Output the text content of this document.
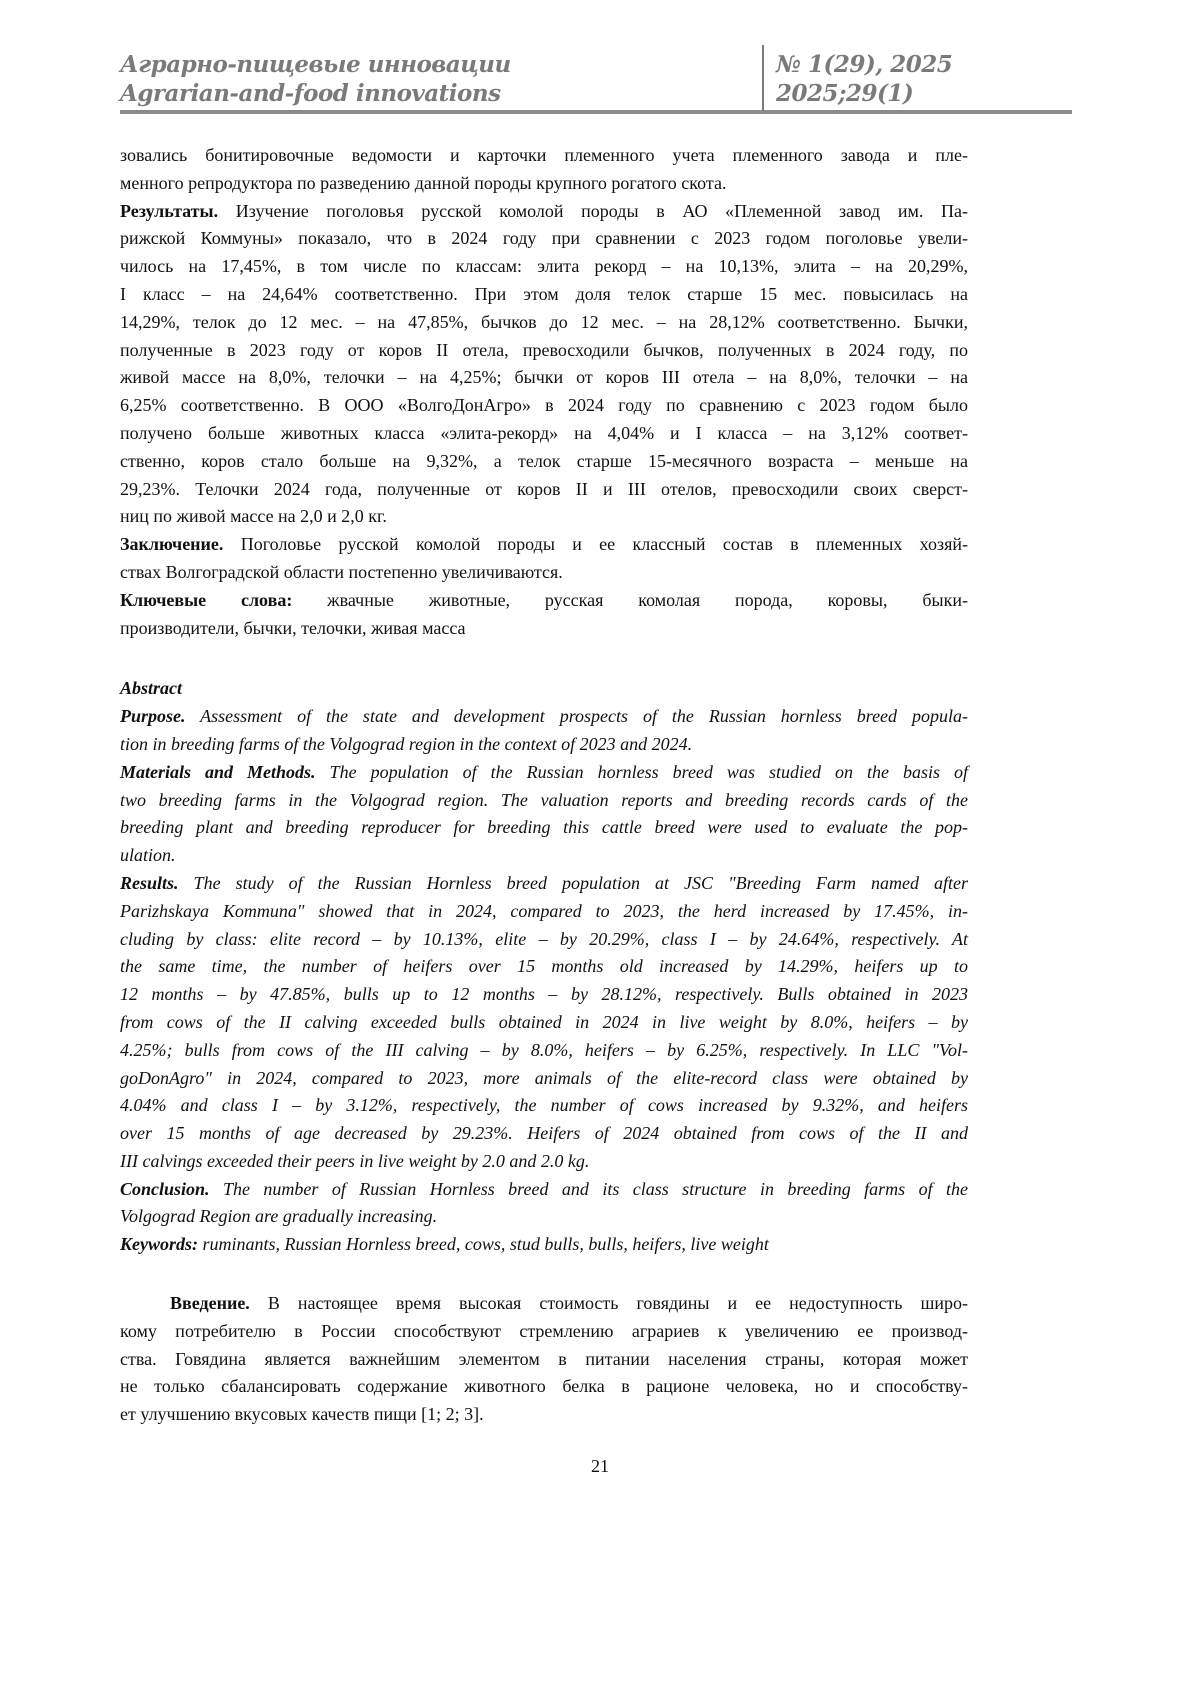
Аграрно-пищевые инновации
Agrarian-and-food innovations
№ 1(29), 2025
2025;29(1)
зовались бонитировочные ведомости и карточки племенного учета племенного завода и пле-
менного репродуктора по разведению данной породы крупного рогатого скота.
Результаты. Изучение поголовья русской комолой породы в АО «Племенной завод им. Па-
рижской Коммуны» показало, что в 2024 году при сравнении с 2023 годом поголовье увели-
чилось на 17,45%, в том числе по классам: элита рекорд – на 10,13%, элита – на 20,29%,
I класс – на 24,64% соответственно. При этом доля телок старше 15 мес. повысилась на
14,29%, телок до 12 мес. – на 47,85%, бычков до 12 мес. – на 28,12% соответственно. Бычки,
полученные в 2023 году от коров II отела, превосходили бычков, полученных в 2024 году, по
живой массе на 8,0%, телочки – на 4,25%; бычки от коров III отела – на 8,0%, телочки – на
6,25% соответственно. В ООО «ВолгоДонАгро» в 2024 году по сравнению с 2023 годом было
получено больше животных класса «элита-рекорд» на 4,04% и I класса – на 3,12% соответ-
ственно, коров стало больше на 9,32%, а телок старше 15-месячного возраста – меньше на
29,23%. Телочки 2024 года, полученные от коров II и III отелов, превосходили своих сверст-
ниц по живой массе на 2,0 и 2,0 кг.
Заключение. Поголовье русской комолой породы и ее классный состав в племенных хозяй-
ствах Волгоградской области постепенно увеличиваются.
Ключевые слова: жвачные животные, русская комолая порода, коровы, быки-
производители, бычки, телочки, живая масса
Abstract
Purpose. Assessment of the state and development prospects of the Russian hornless breed popula-
tion in breeding farms of the Volgograd region in the context of 2023 and 2024.
Materials and Methods. The population of the Russian hornless breed was studied on the basis of
two breeding farms in the Volgograd region. The valuation reports and breeding records cards of the
breeding plant and breeding reproducer for breeding this cattle breed were used to evaluate the pop-
ulation.
Results. The study of the Russian Hornless breed population at JSC "Breeding Farm named after
Parizhskaya Kommuna" showed that in 2024, compared to 2023, the herd increased by 17.45%, in-
cluding by class: elite record – by 10.13%, elite – by 20.29%, class I – by 24.64%, respectively. At
the same time, the number of heifers over 15 months old increased by 14.29%, heifers up to
12 months – by 47.85%, bulls up to 12 months – by 28.12%, respectively. Bulls obtained in 2023
from cows of the II calving exceeded bulls obtained in 2024 in live weight by 8.0%, heifers – by
4.25%; bulls from cows of the III calving – by 8.0%, heifers – by 6.25%, respectively. In LLC "Vol-
goDonAgro" in 2024, compared to 2023, more animals of the elite-record class were obtained by
4.04% and class I – by 3.12%, respectively, the number of cows increased by 9.32%, and heifers
over 15 months of age decreased by 29.23%. Heifers of 2024 obtained from cows of the II and
III calvings exceeded their peers in live weight by 2.0 and 2.0 kg.
Conclusion. The number of Russian Hornless breed and its class structure in breeding farms of the
Volgograd Region are gradually increasing.
Keywords: ruminants, Russian Hornless breed, cows, stud bulls, bulls, heifers, live weight
Введение. В настоящее время высокая стоимость говядины и ее недоступность широ-
кому потребителю в России способствуют стремлению аграриев к увеличению ее производ-
ства. Говядина является важнейшим элементом в питании населения страны, которая может
не только сбалансировать содержание животного белка в рационе человека, но и способству-
ет улучшению вкусовых качеств пищи [1; 2; 3].
21
